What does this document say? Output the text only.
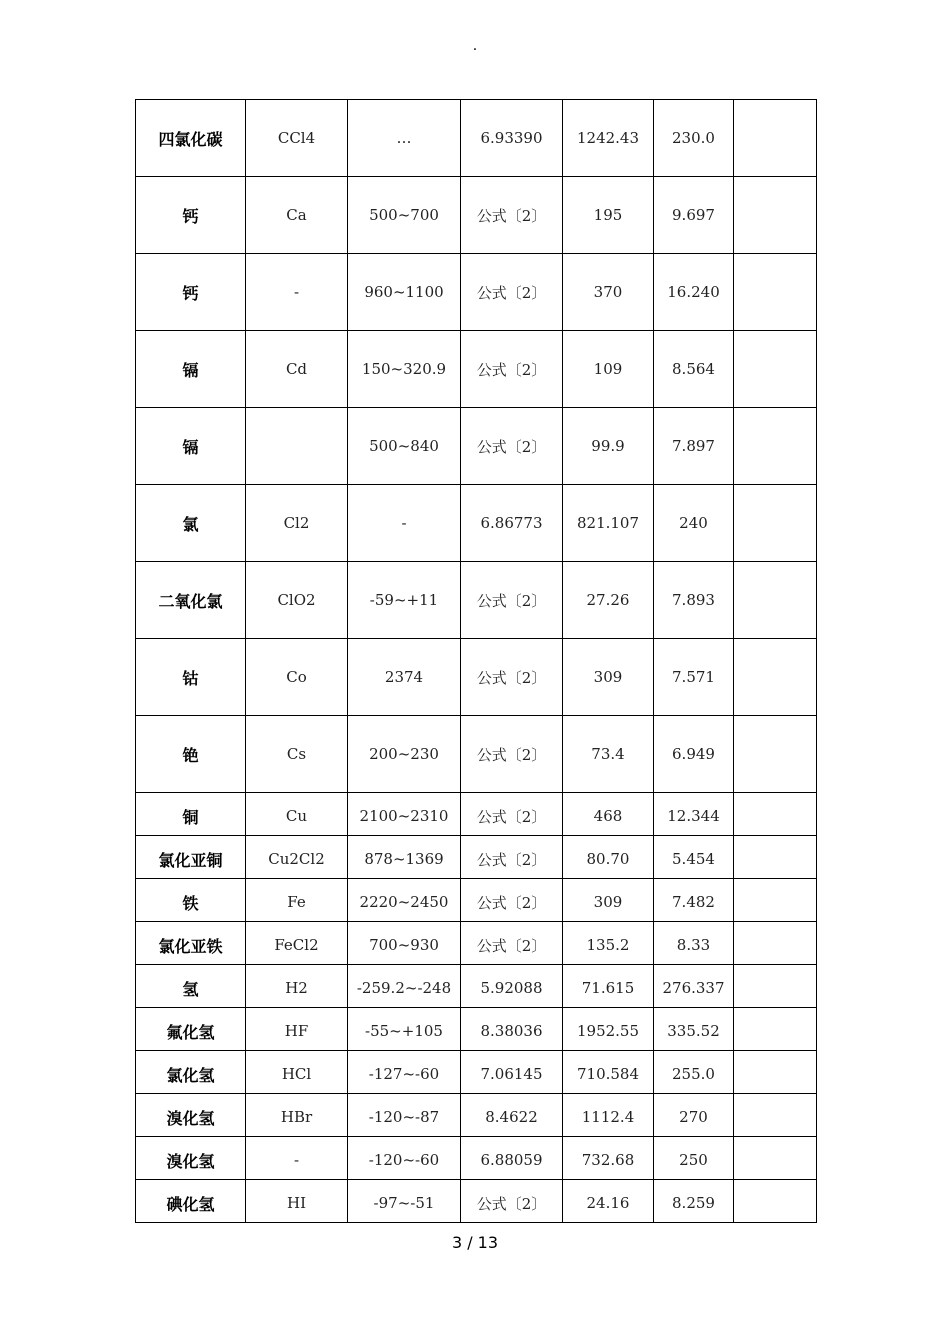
.
四氯化碳	CCl4	…	6.93390	1242.43	230.0	
钙	Ca	500~700	公式〔2〕	195	9.697	
钙	-	960~1100	公式〔2〕	370	16.240	
镉	Cd	150~320.9	公式〔2〕	109	8.564	
镉		500~840	公式〔2〕	99.9	7.897	
氯	Cl2	-	6.86773	821.107	240	
二氧化氯	ClO2	-59~+11	公式〔2〕	27.26	7.893	
钴	Co	2374	公式〔2〕	309	7.571	
铯	Cs	200~230	公式〔2〕	73.4	6.949	
铜	Cu	2100~2310	公式〔2〕	468	12.344	
氯化亚铜	Cu2Cl2	878~1369	公式〔2〕	80.70	5.454	
铁	Fe	2220~2450	公式〔2〕	309	7.482	
氯化亚铁	FeCl2	700~930	公式〔2〕	135.2	8.33	
氢	H2	-259.2~-248	5.92088	71.615	276.337	
氟化氢	HF	-55~+105	8.38036	1952.55	335.52	
氯化氢	HCl	-127~-60	7.06145	710.584	255.0	
溴化氢	HBr	-120~-87	8.4622	1112.4	270	
溴化氢	-	-120~-60	6.88059	732.68	250	
碘化氢	HI	-97~-51	公式〔2〕	24.16	8.259	
3 / 13
